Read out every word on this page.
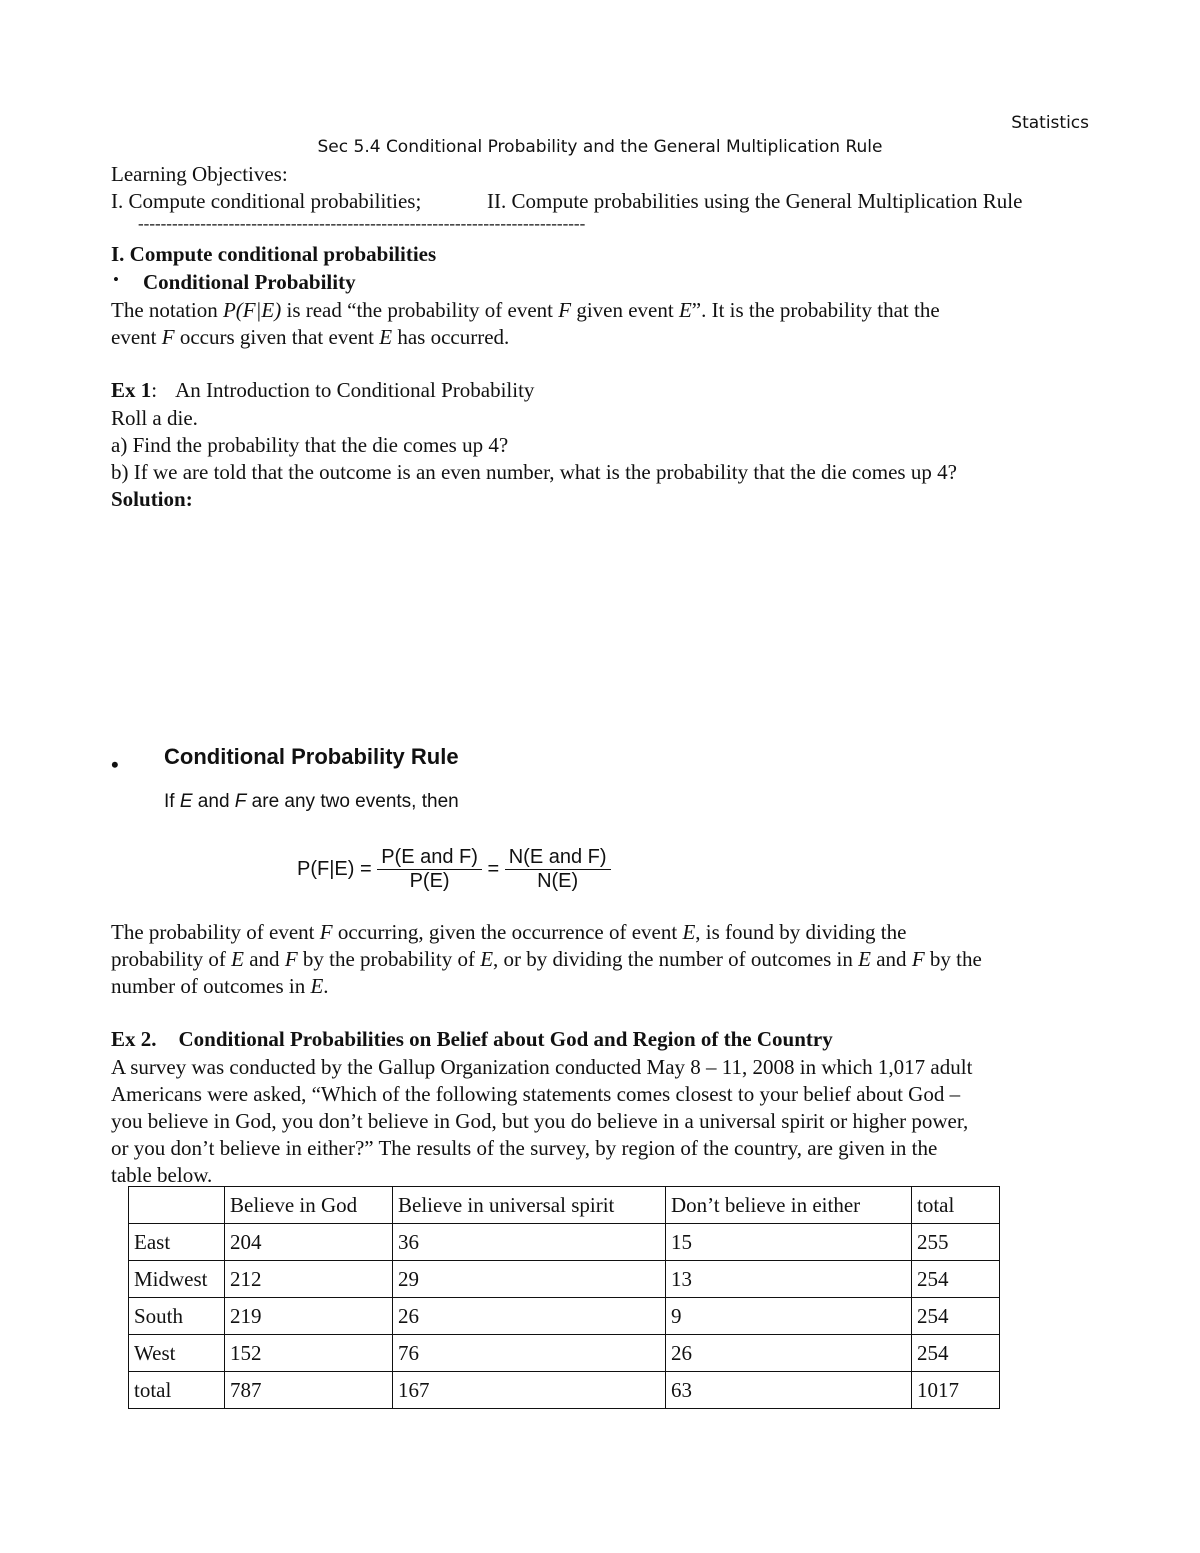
Statistics
Sec 5.4 Conditional Probability and the General Multiplication Rule
Learning Objectives:
I. Compute conditional probabilities;	II. Compute probabilities using the General Multiplication Rule
-------------------------------------------------------------------------------
I. Compute conditional probabilities
• Conditional Probability
The notation P(F|E) is read “the probability of event F given event E”. It is the probability that the
event F occurs given that event E has occurred.
Ex 1: An Introduction to Conditional Probability
Roll a die.
a) Find the probability that the die comes up 4?
b) If we are told that the outcome is an even number, what is the probability that the die comes up 4?
Solution:
• Conditional Probability Rule
If E and F are any two events, then
$P(F|E) = \frac{\text{P(E and F)}}{P(E)} = \frac{\text{N(E and F)}}{N(E)}$
The probability of event F occurring, given the occurrence of event E, is found by dividing the
probability of E and F by the probability of E, or by dividing the number of outcomes in E and F by the
number of outcomes in E.
Ex 2. Conditional Probabilities on Belief about God and Region of the Country
A survey was conducted by the Gallup Organization conducted May 8 – 11, 2008 in which 1,017 adult
Americans were asked, “Which of the following statements comes closest to your belief about God –
you believe in God, you don’t believe in God, but you do believe in a universal spirit or higher power,
or you don’t believe in either?” The results of the survey, by region of the country, are given in the
table below.
	Believe in God	Believe in universal spirit	Don’t believe in either	total
East	204	36	15	255
Midwest	212	29	13	254
South	219	26	9	254
West	152	76	26	254
total	787	167	63	1017
